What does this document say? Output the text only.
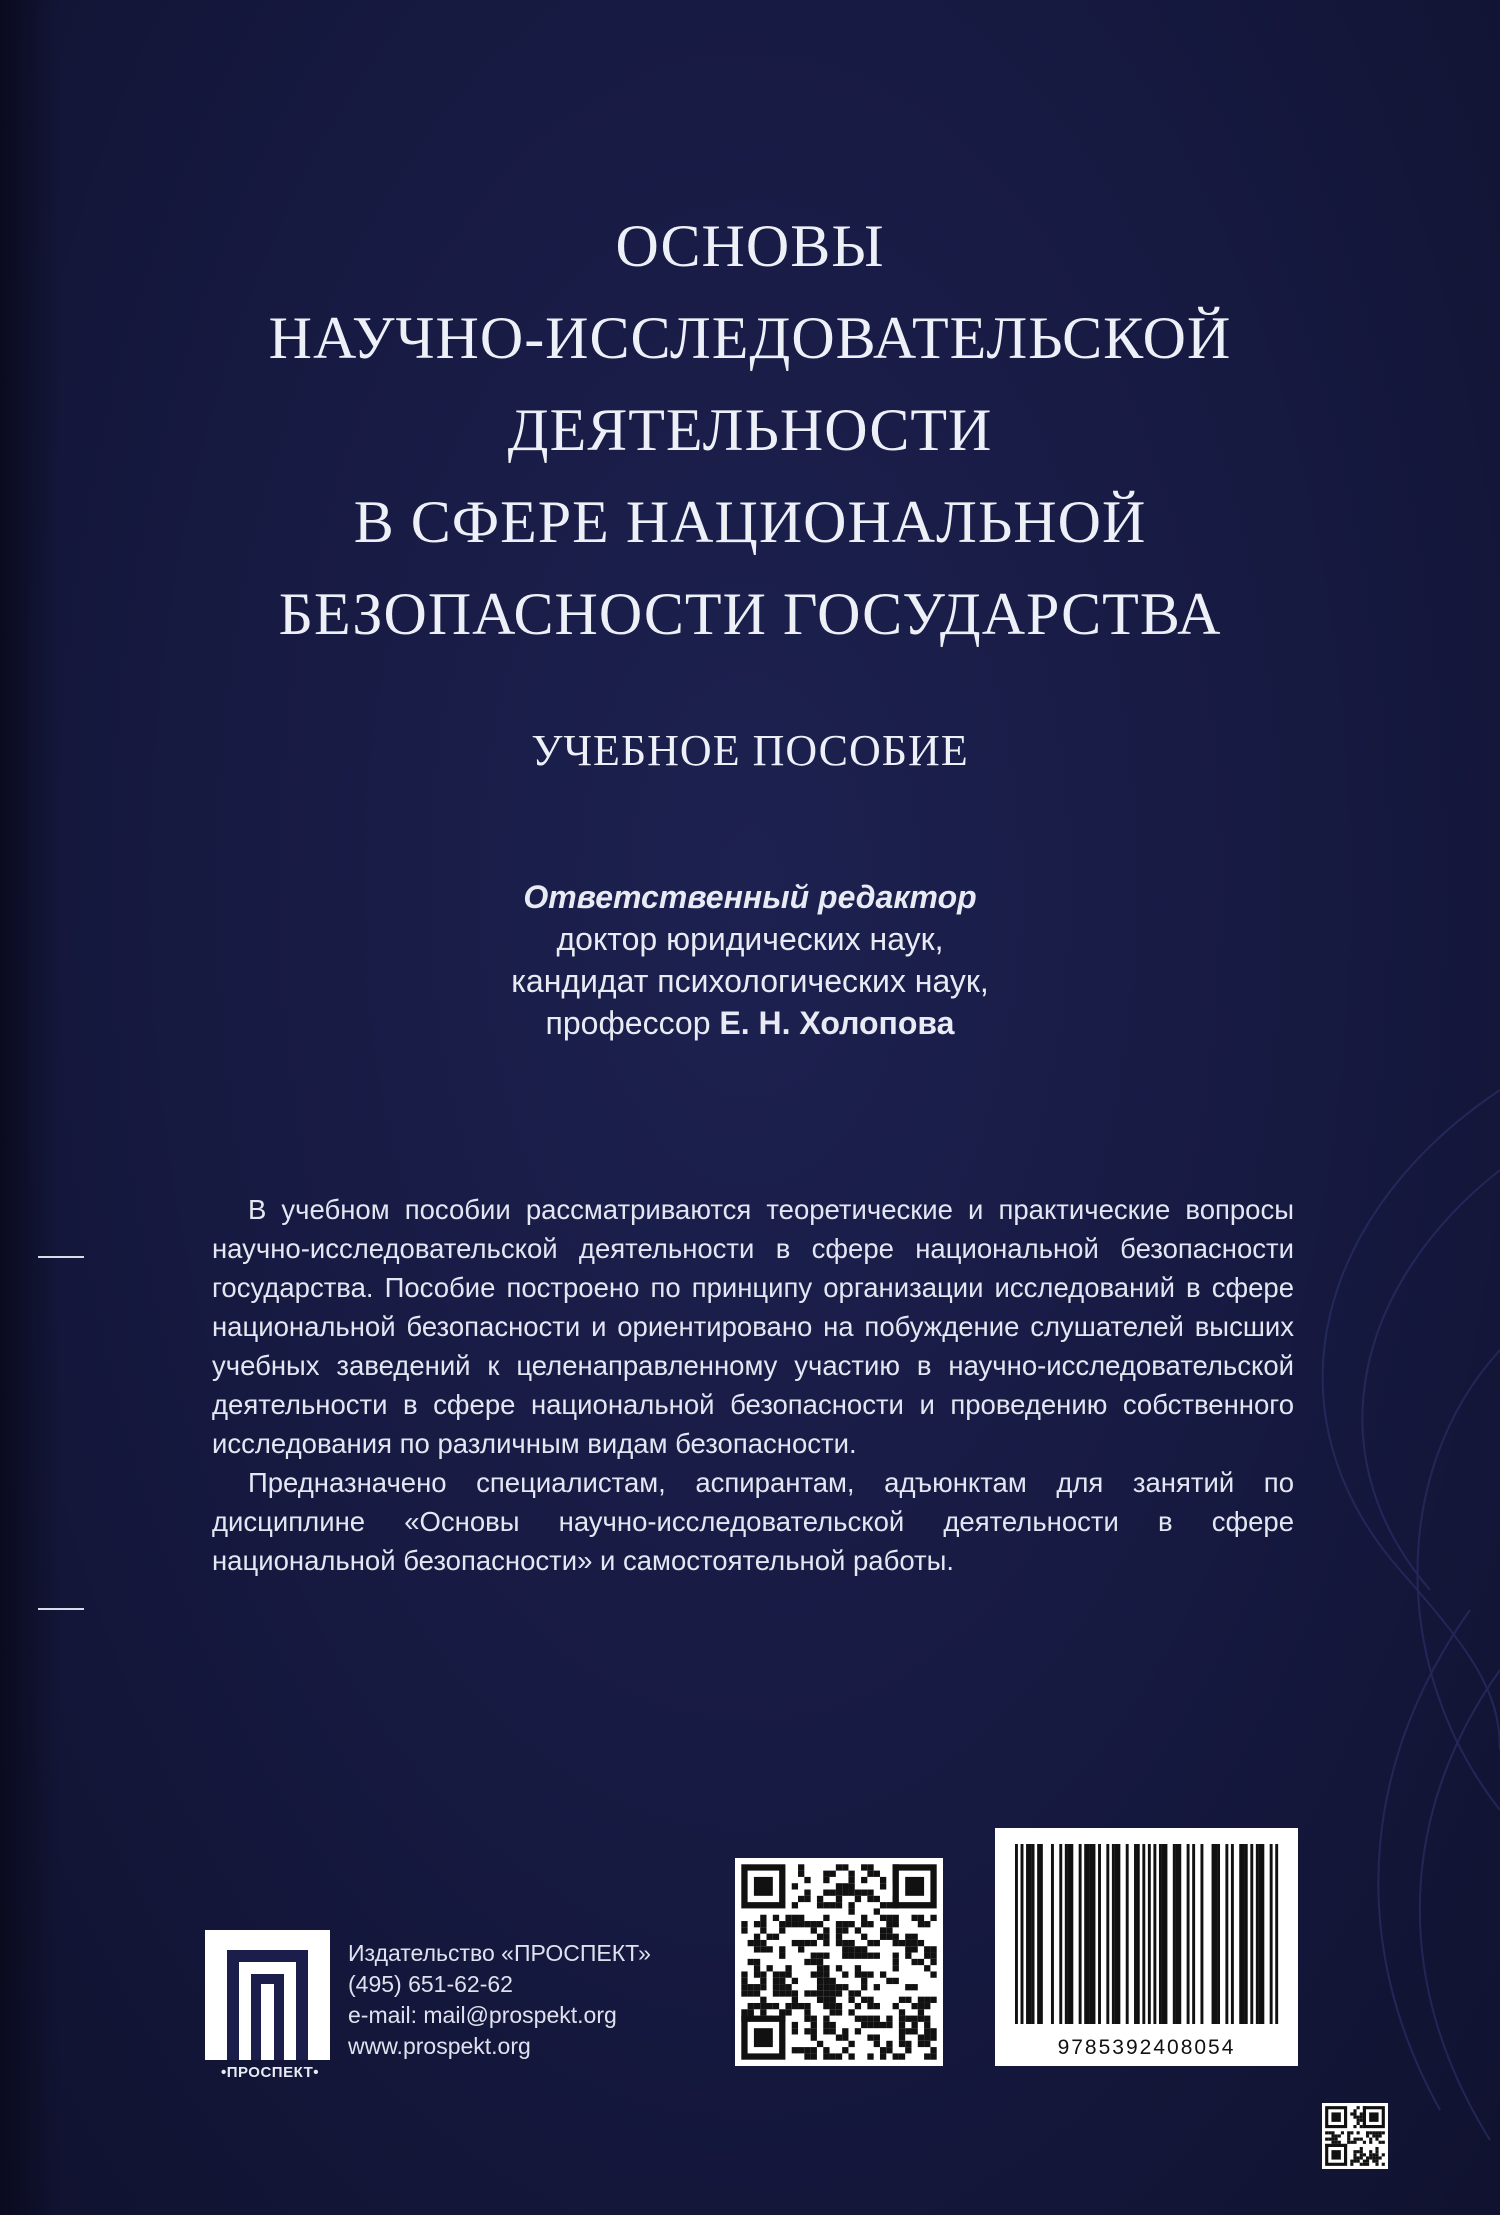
ОСНОВЫ
НАУЧНО-ИССЛЕДОВАТЕЛЬСКОЙ
ДЕЯТЕЛЬНОСТИ
В СФЕРЕ НАЦИОНАЛЬНОЙ
БЕЗОПАСНОСТИ ГОСУДАРСТВА
УЧЕБНОЕ ПОСОБИЕ
Ответственный редактор
доктор юридических наук,
кандидат психологических наук,
профессор Е. Н. Холопова

В учебном пособии рассматриваются теоретические и практические вопросы научно-исследовательской деятельности в сфере национальной безопасности государства. Пособие построено по принципу организации исследований в сфере национальной безопасности и ориентировано на побуждение слушателей высших учебных заведений к целенаправленному участию в научно-исследовательской деятельности в сфере национальной безопасности и проведению собственного исследования по различным видам безопасности.

Предназначено специалистам, аспирантам, адъюнктам для занятий по дисциплине «Основы научно-исследовательской деятельности в сфере национальной безопасности» и самостоятельной работы.

•ПРОСПЕКТ•
Издательство «ПРОСПЕКТ»
(495) 651-62-62
e-mail: mail@prospekt.org
www.prospekt.org	9785392408054
